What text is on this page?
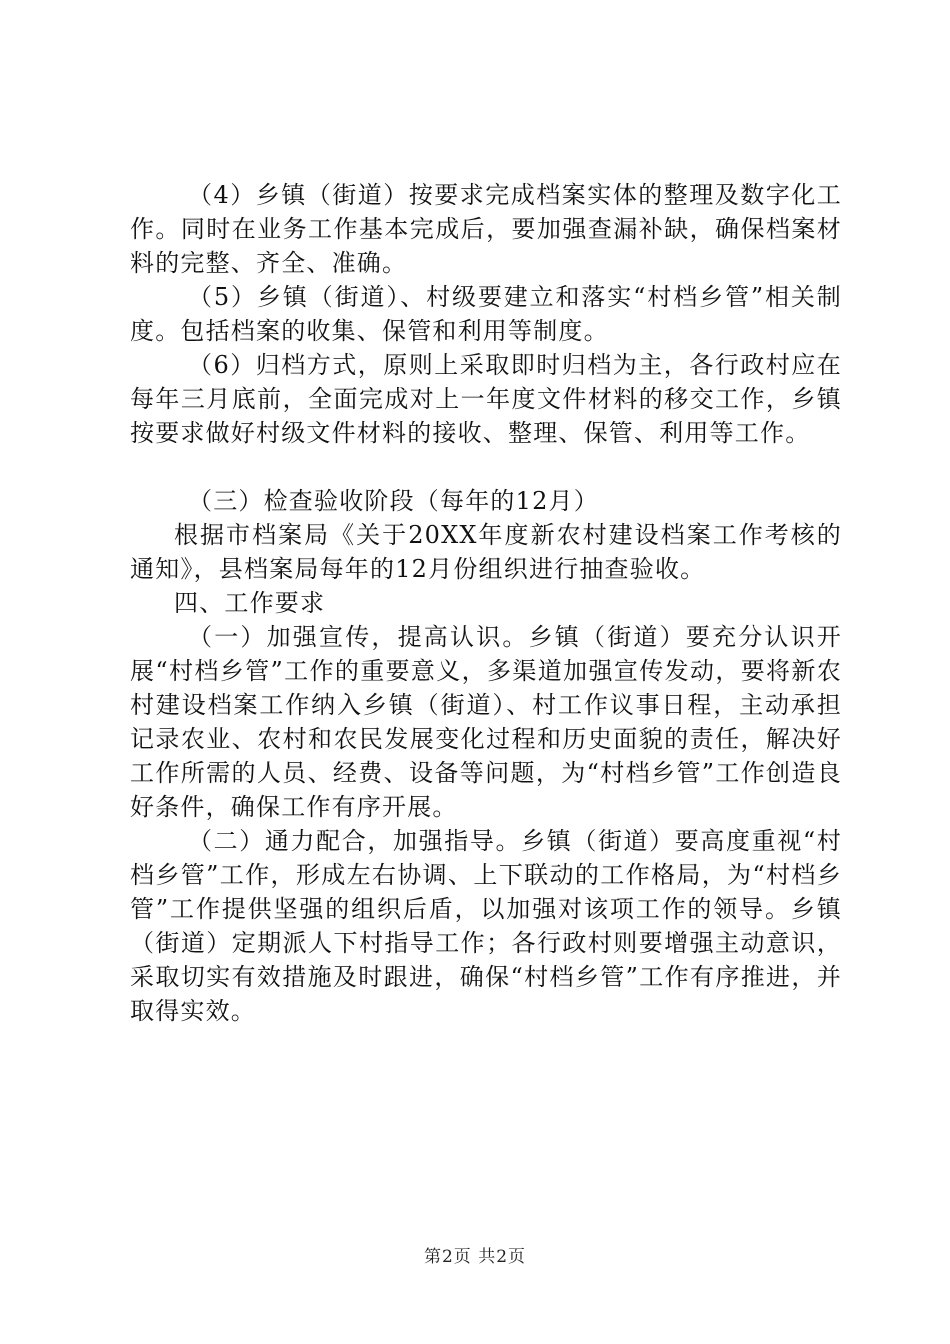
（4）乡镇（街道）按要求完成档案实体的整理及数字化工作。同时在业务工作基本完成后，要加强查漏补缺，确保档案材料的完整、齐全、准确。

（5）乡镇（街道）、村级要建立和落实“村档乡管”相关制度。包括档案的收集、保管和利用等制度。

（6）归档方式，原则上采取即时归档为主，各行政村应在每年三月底前，全面完成对上一年度文件材料的移交工作，乡镇按要求做好村级文件材料的接收、整理、保管、利用等工作。

（三）检查验收阶段（每年的12月）

根据市档案局《关于20XX年度新农村建设档案工作考核的通知》，县档案局每年的12月份组织进行抽查验收。

四、工作要求

（一）加强宣传，提高认识。乡镇（街道）要充分认识开展“村档乡管”工作的重要意义，多渠道加强宣传发动，要将新农村建设档案工作纳入乡镇（街道）、村工作议事日程，主动承担记录农业、农村和农民发展变化过程和历史面貌的责任，解决好工作所需的人员、经费、设备等问题，为“村档乡管”工作创造良好条件，确保工作有序开展。

（二）通力配合，加强指导。乡镇（街道）要高度重视“村档乡管”工作，形成左右协调、上下联动的工作格局，为“村档乡管”工作提供坚强的组织后盾，以加强对该项工作的领导。乡镇（街道）定期派人下村指导工作；各行政村则要增强主动意识，采取切实有效措施及时跟进，确保“村档乡管”工作有序推进，并取得实效。

第2页 共2页
